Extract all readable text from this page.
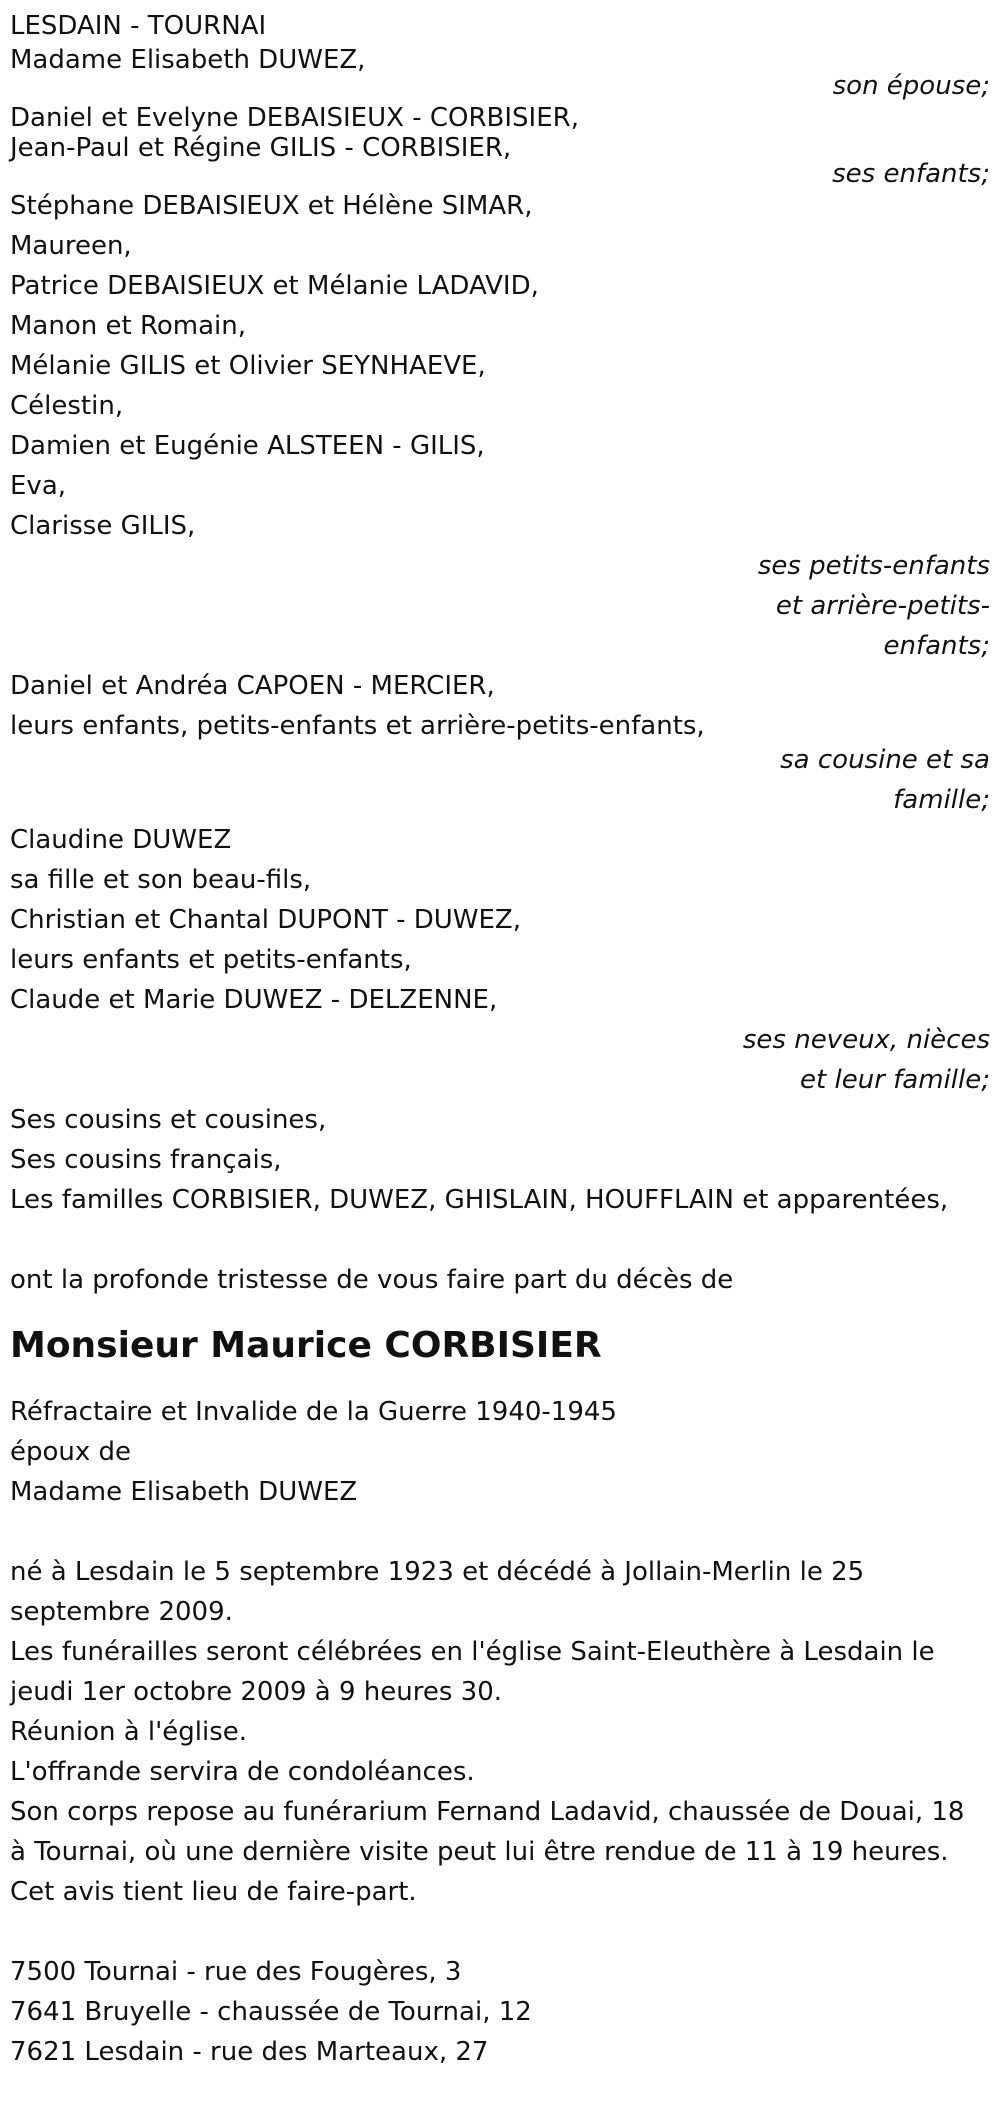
LESDAIN - TOURNAI
Madame Elisabeth DUWEZ,
son épouse;
Daniel et Evelyne DEBAISIEUX - CORBISIER,
Jean-Paul et Régine GILIS - CORBISIER,
ses enfants;
Stéphane DEBAISIEUX et Hélène SIMAR,
Maureen,
Patrice DEBAISIEUX et Mélanie LADAVID,
Manon et Romain,
Mélanie GILIS et Olivier SEYNHAEVE,
Célestin,
Damien et Eugénie ALSTEEN - GILIS,
Eva,
Clarisse GILIS,
ses petits-enfants
et arrière-petits-
enfants;
Daniel et Andréa CAPOEN - MERCIER,
leurs enfants, petits-enfants et arrière-petits-enfants,
sa cousine et sa
famille;
Claudine DUWEZ
sa fille et son beau-fils,
Christian et Chantal DUPONT - DUWEZ,
leurs enfants et petits-enfants,
Claude et Marie DUWEZ - DELZENNE,
ses neveux, nièces
et leur famille;
Ses cousins et cousines,
Ses cousins français,
Les familles CORBISIER, DUWEZ, GHISLAIN, HOUFFLAIN et apparentées,
ont la profonde tristesse de vous faire part du décès de
Monsieur Maurice CORBISIER
Réfractaire et Invalide de la Guerre 1940-1945
époux de
Madame Elisabeth DUWEZ
né à Lesdain le 5 septembre 1923 et décédé à Jollain-Merlin le 25
septembre 2009.
Les funérailles seront célébrées en l'église Saint-Eleuthère à Lesdain le
jeudi 1er octobre 2009 à 9 heures 30.
Réunion à l'église.
L'offrande servira de condoléances.
Son corps repose au funérarium Fernand Ladavid, chaussée de Douai, 18
à Tournai, où une dernière visite peut lui être rendue de 11 à 19 heures.
Cet avis tient lieu de faire-part.
7500 Tournai - rue des Fougères, 3
7641 Bruyelle - chaussée de Tournai, 12
7621 Lesdain - rue des Marteaux, 27
